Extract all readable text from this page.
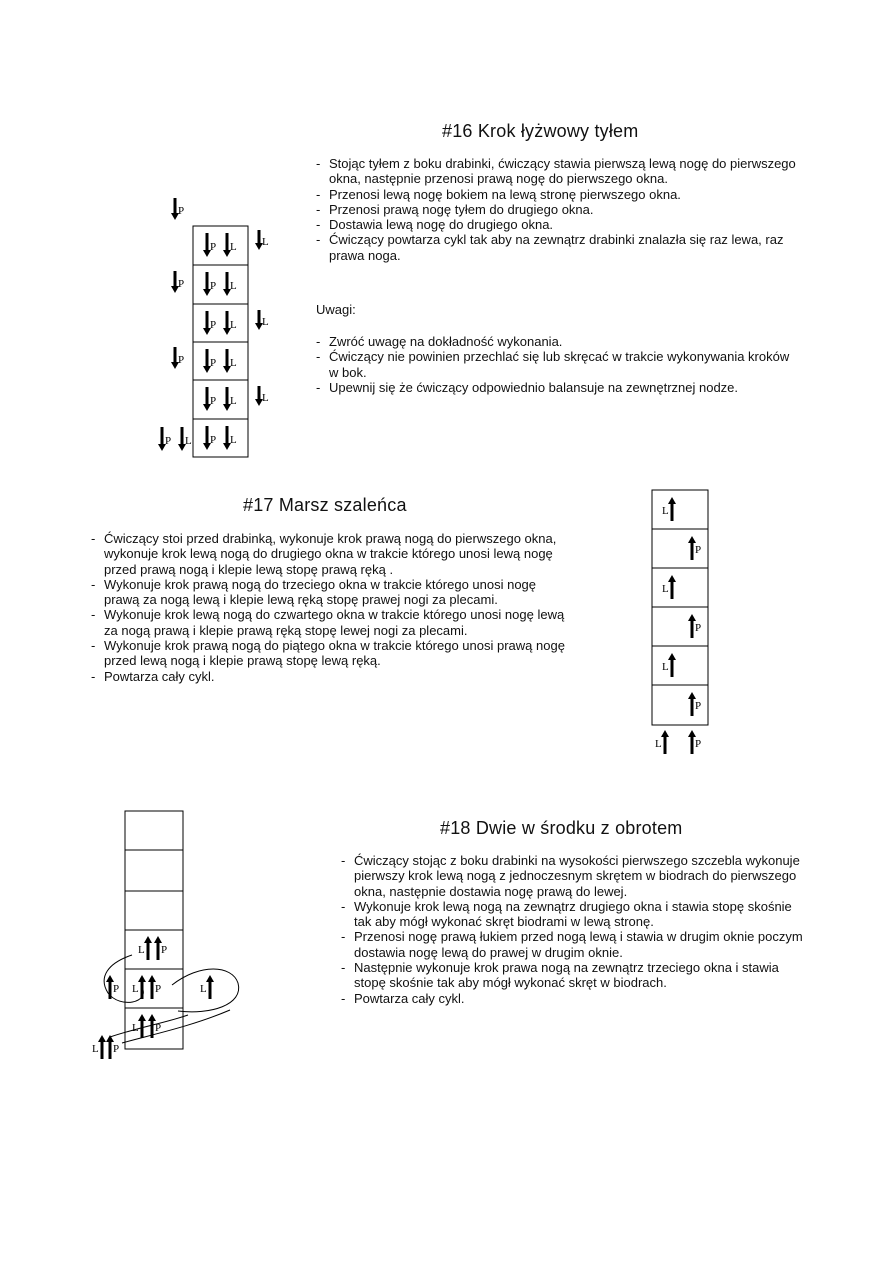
#16 Krok łyżwowy tyłem
- Stojąc tyłem z boku drabinki, ćwiczący stawia pierwszą lewą nogę do pierwszego okna, następnie przenosi prawą nogę do pierwszego okna.
- Przenosi lewą nogę bokiem na lewą stronę pierwszego okna.
- Przenosi prawą nogę tyłem do drugiego okna.
- Dostawia lewą nogę do drugiego okna.
- Ćwiczący powtarza cykl tak aby na zewnątrz drabinki znalazła się raz lewa, raz prawa noga.
Uwagi:
- Zwróć uwagę na dokładność wykonania.
- Ćwiczący nie powinien przechlać się lub skręcać w trakcie wykonywania kroków w bok.
- Upewnij się że ćwiczący odpowiednio balansuje na zewnętrznej nodze.
P
P L
P L
P L
P L
P L
P L
L
P
L
P
L
P L
#17 Marsz szaleńca
- Ćwiczący stoi przed drabinką, wykonuje krok prawą nogą do pierwszego okna, wykonuje krok lewą nogą do drugiego okna w trakcie którego unosi lewą nogę przed prawą nogą i klepie lewą stopę prawą ręką .
- Wykonuje krok prawą nogą do trzeciego okna w trakcie którego unosi nogę prawą za nogą lewą i klepie lewą ręką stopę prawej nogi za plecami.
- Wykonuje krok lewą nogą do czwartego okna w trakcie którego unosi nogę lewą za nogą prawą i klepie prawą ręką stopę lewej nogi za plecami.
- Wykonuje krok prawą nogą do piątego okna w trakcie którego unosi prawą nogę przed lewą nogą i klepie prawą stopę lewą ręką.
- Powtarza cały cykl.
L
L
L
P
P
P
L	P
#18 Dwie w środku z obrotem
- Ćwiczący stojąc z boku drabinki na wysokości pierwszego szczebla wykonuje pierwszy krok lewą nogą z jednoczesnym skrętem w biodrach do pierwszego okna, następnie dostawia nogę prawą do lewej.
- Wykonuje krok lewą nogą na zewnątrz drugiego okna i stawia stopę skośnie tak aby mógł wykonać skręt biodrami w lewą stronę.
- Przenosi nogę prawą łukiem przed nogą lewą i stawia w drugim oknie poczym dostawia nogę lewą do prawej w drugim oknie.
- Następnie wykonuje krok prawa nogą na zewnątrz trzeciego okna i stawia stopę skośnie tak aby mógł wykonać skręt w biodrach.
- Powtarza cały cykl.
L P
P L P	L
L P
L P
